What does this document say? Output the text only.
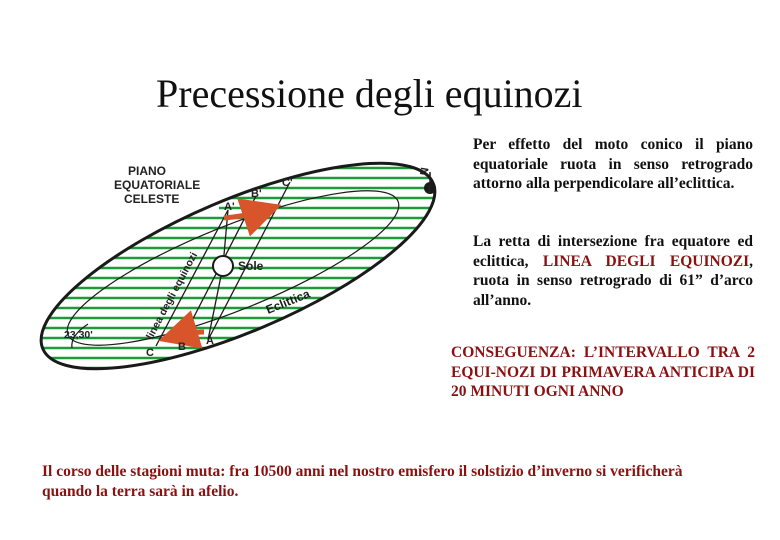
Precessione degli equinozi
PIANO
EQUATORIALE
CELESTE
Sole
Eclittica
linea degli equinozi
23,30'
T
N
A'
B'
C'
A
B
C

Per effetto del moto conico il piano equatoriale ruota in senso retrogrado attorno alla perpendicolare all’eclittica.

La retta di intersezione fra equatore ed eclittica, LINEA DEGLI EQUINOZI, ruota in senso retrogrado di 61” d’arco all’anno.

CONSEGUENZA: L’INTERVALLO TRA 2 EQUI-NOZI DI PRIMAVERA ANTICIPA DI 20 MINUTI OGNI ANNO

Il corso delle stagioni muta: fra 10500 anni nel nostro emisfero il solstizio d’inverno si verificherà quando la terra sarà in afelio.
